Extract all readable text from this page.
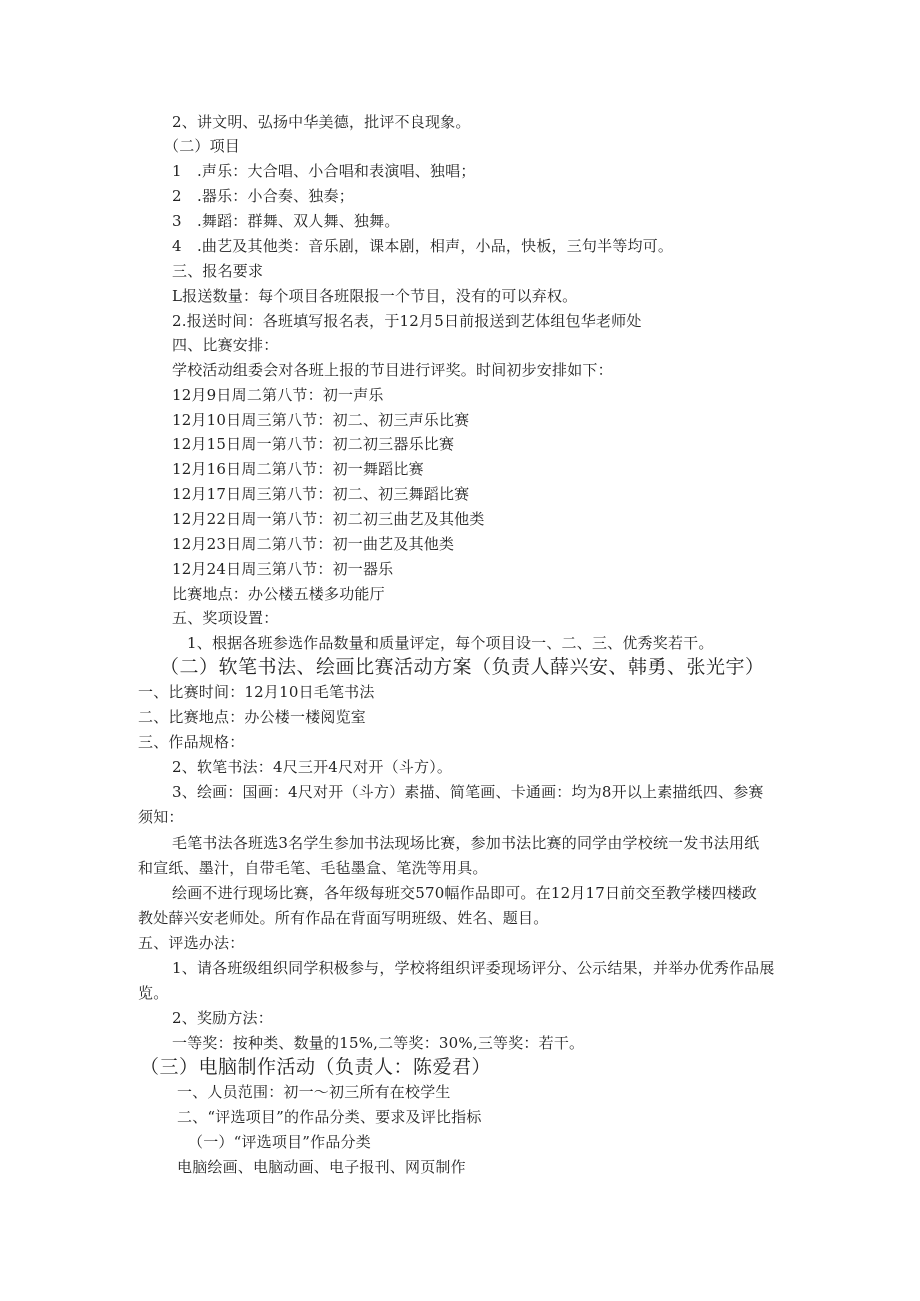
2、讲文明、弘扬中华美德，批评不良现象。
（二）项目
1　.声乐：大合唱、小合唱和表演唱、独唱；
2　.器乐：小合奏、独奏；
3　.舞蹈：群舞、双人舞、独舞。
4　.曲艺及其他类：音乐剧，课本剧，相声，小品，快板，三句半等均可。
三、报名要求
L报送数量：每个项目各班限报一个节目，没有的可以弃权。
2.报送时间：各班填写报名表，于12月5日前报送到艺体组包华老师处
四、比赛安排：
学校活动组委会对各班上报的节目进行评奖。时间初步安排如下：
12月9日周二第八节：初一声乐
12月10日周三第八节：初二、初三声乐比赛
12月15日周一第八节：初二初三器乐比赛
12月16日周二第八节：初一舞蹈比赛
12月17日周三第八节：初二、初三舞蹈比赛
12月22日周一第八节：初二初三曲艺及其他类
12月23日周二第八节：初一曲艺及其他类
12月24日周三第八节：初一器乐
比赛地点：办公楼五楼多功能厅
五、奖项设置：
1、根据各班参选作品数量和质量评定，每个项目设一、二、三、优秀奖若干。
（二）软笔书法、绘画比赛活动方案（负责人薛兴安、韩勇、张光宇）
一、比赛时间：12月10日毛笔书法
二、比赛地点：办公楼一楼阅览室
三、作品规格：
2、软笔书法：4尺三开4尺对开（斗方）。
3、绘画：国画：4尺对开（斗方）素描、简笔画、卡通画：均为8开以上素描纸四、参赛
须知：
毛笔书法各班选3名学生参加书法现场比赛，参加书法比赛的同学由学校统一发书法用纸
和宣纸、墨汁，自带毛笔、毛毡墨盒、笔洗等用具。
绘画不进行现场比赛，各年级每班交570幅作品即可。在12月17日前交至教学楼四楼政
教处薛兴安老师处。所有作品在背面写明班级、姓名、题目。
五、评选办法：
1、请各班级组织同学积极参与，学校将组织评委现场评分、公示结果，并举办优秀作品展
览。
2、奖励方法：
一等奖：按种类、数量的15%,二等奖：30%,三等奖：若干。
（三）电脑制作活动（负责人：陈爱君）
一、人员范围：初一～初三所有在校学生
二、“评选项目”的作品分类、要求及评比指标
（一）“评选项目”作品分类
电脑绘画、电脑动画、电子报刊、网页制作
